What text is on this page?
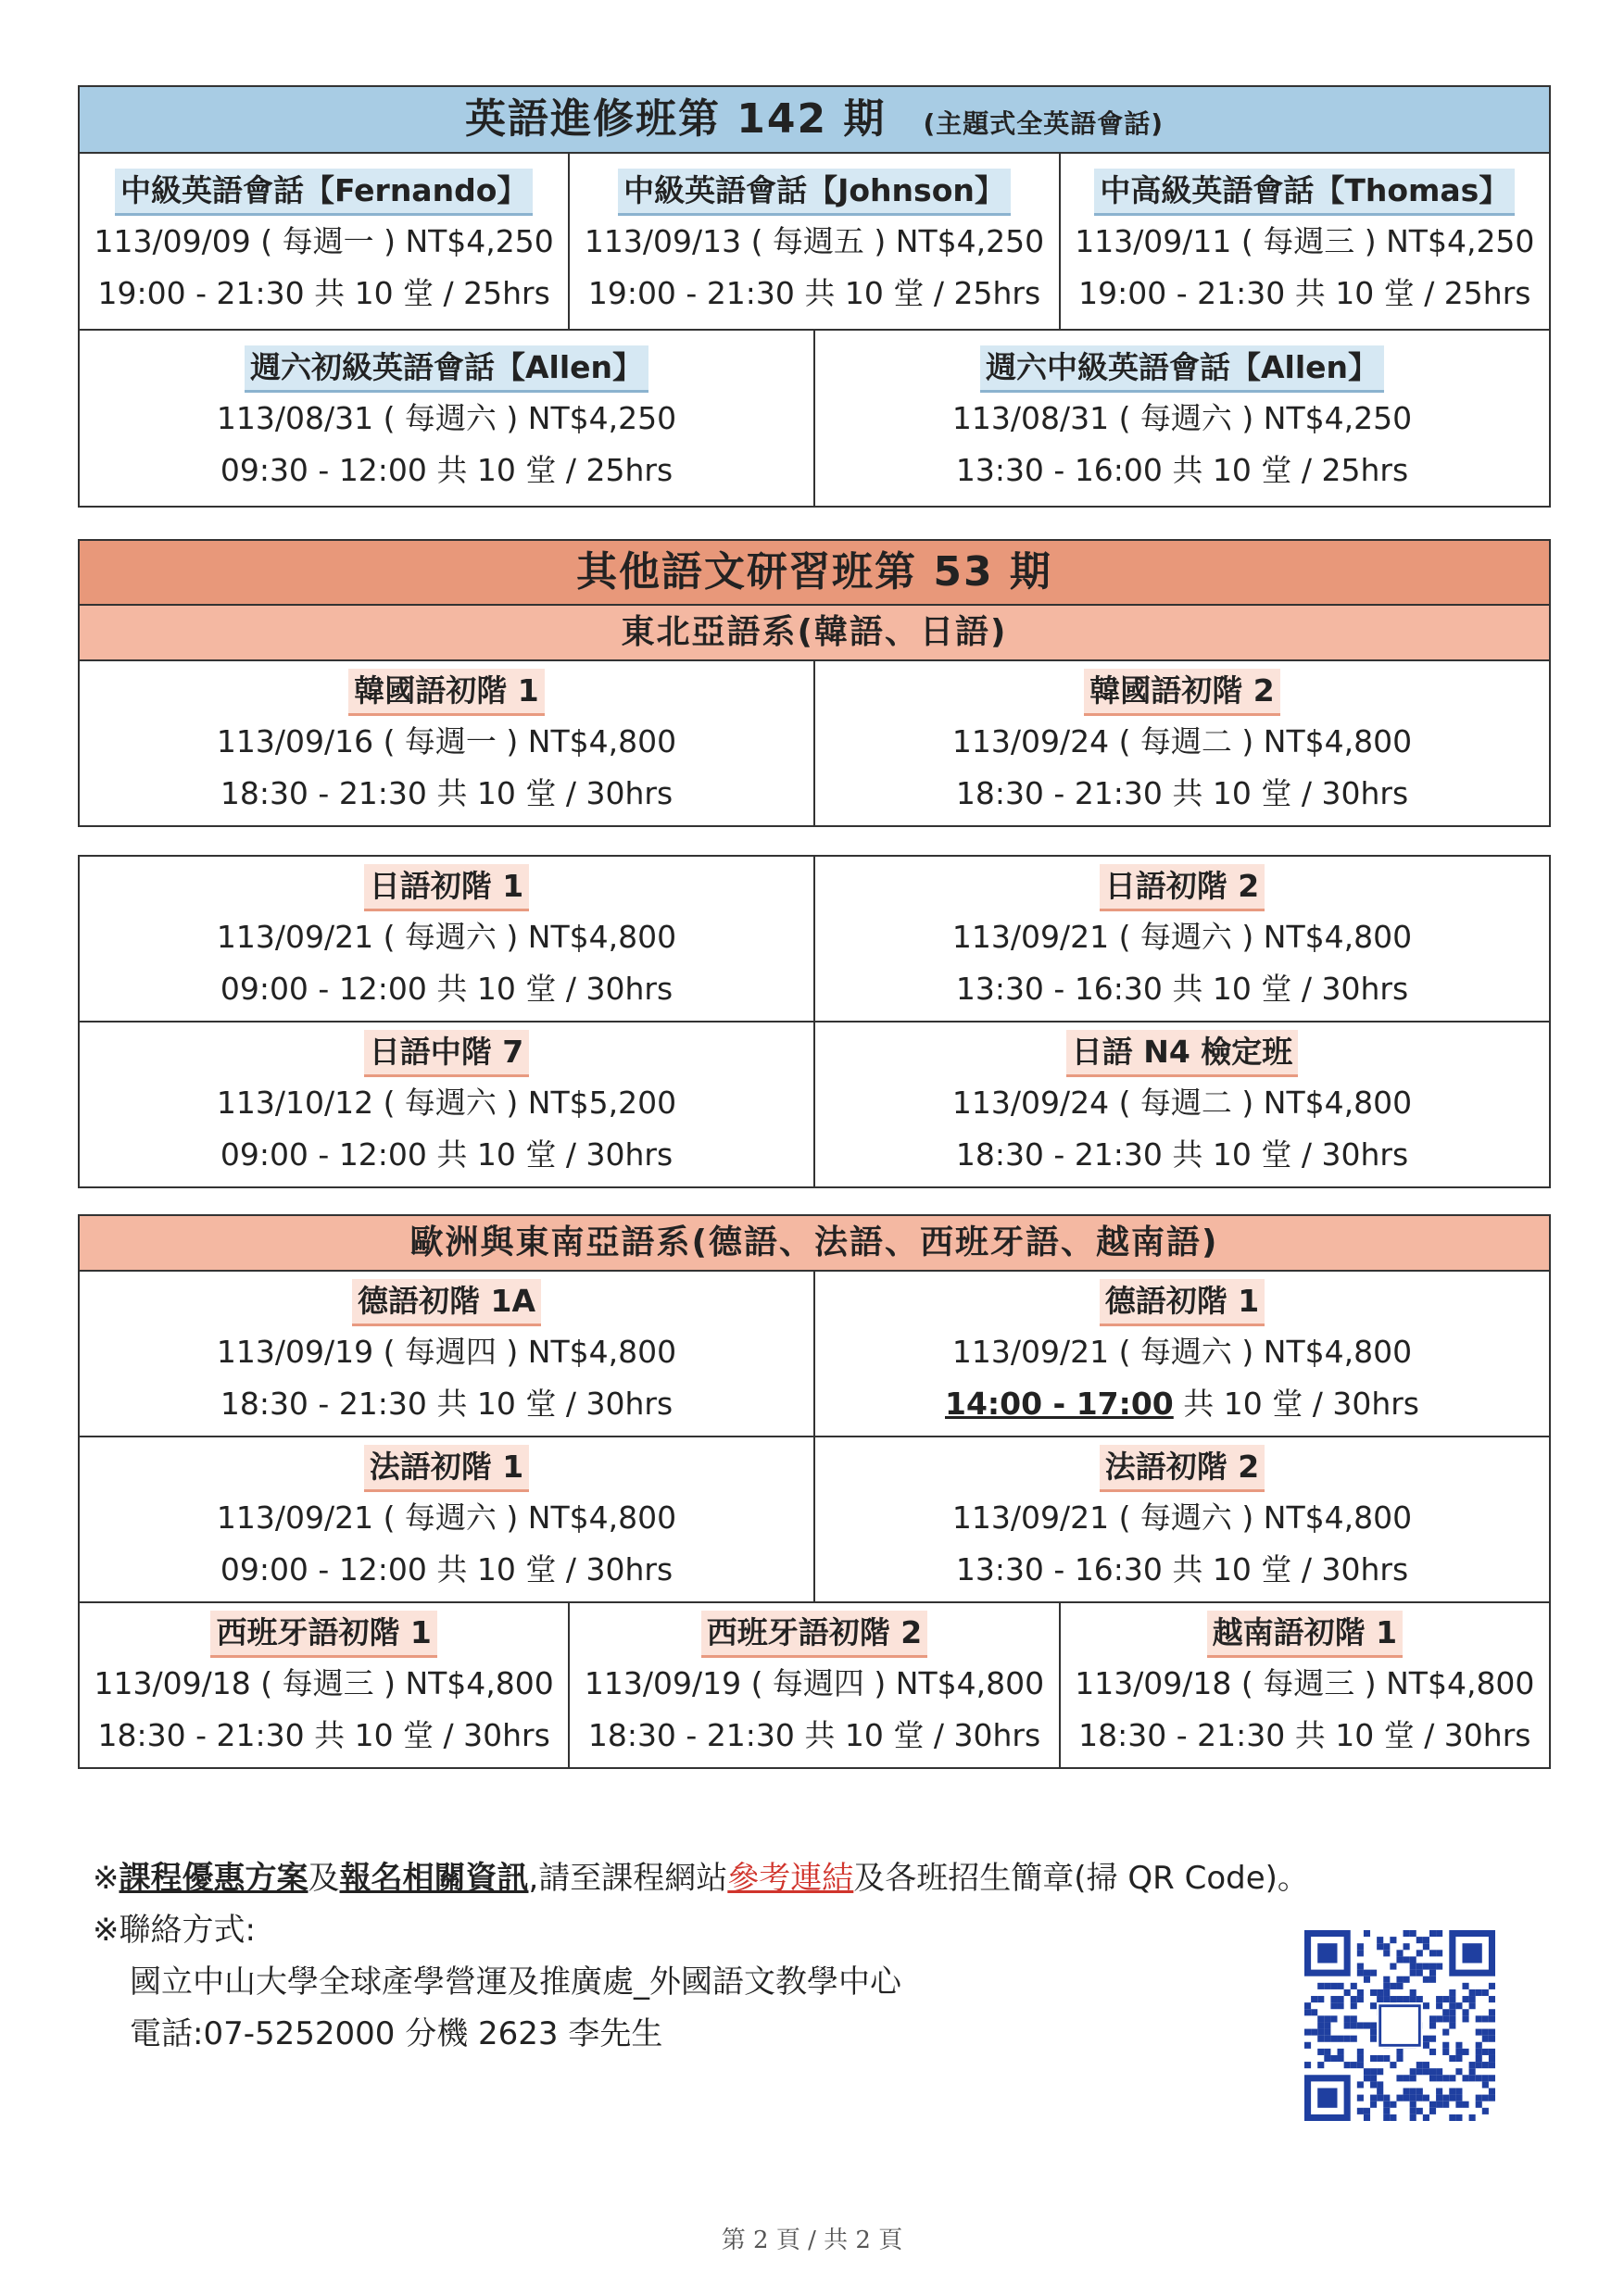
英語進修班第 142 期 (主題式全英語會話)
中級英語會話【Fernando】
113/09/09 ( 每週一 ) NT$4,250
19:00 - 21:30 共 10 堂 / 25hrs
中級英語會話【Johnson】
113/09/13 ( 每週五 ) NT$4,250
19:00 - 21:30 共 10 堂 / 25hrs
中高級英語會話【Thomas】
113/09/11 ( 每週三 ) NT$4,250
19:00 - 21:30 共 10 堂 / 25hrs
週六初級英語會話【Allen】
113/08/31 ( 每週六 ) NT$4,250
09:30 - 12:00 共 10 堂 / 25hrs
週六中級英語會話【Allen】
113/08/31 ( 每週六 ) NT$4,250
13:30 - 16:00 共 10 堂 / 25hrs
其他語文研習班第 53 期
東北亞語系(韓語、日語)
韓國語初階 1
113/09/16 ( 每週一 ) NT$4,800
18:30 - 21:30 共 10 堂 / 30hrs
韓國語初階 2
113/09/24 ( 每週二 ) NT$4,800
18:30 - 21:30 共 10 堂 / 30hrs
日語初階 1
113/09/21 ( 每週六 ) NT$4,800
09:00 - 12:00 共 10 堂 / 30hrs
日語初階 2
113/09/21 ( 每週六 ) NT$4,800
13:30 - 16:30 共 10 堂 / 30hrs
日語中階 7
113/10/12 ( 每週六 ) NT$5,200
09:00 - 12:00 共 10 堂 / 30hrs
日語 N4 檢定班
113/09/24 ( 每週二 ) NT$4,800
18:30 - 21:30 共 10 堂 / 30hrs
歐洲與東南亞語系(德語、法語、西班牙語、越南語)
德語初階 1A
113/09/19 ( 每週四 ) NT$4,800
18:30 - 21:30 共 10 堂 / 30hrs
德語初階 1
113/09/21 ( 每週六 ) NT$4,800
14:00 - 17:00 共 10 堂 / 30hrs
法語初階 1
113/09/21 ( 每週六 ) NT$4,800
09:00 - 12:00 共 10 堂 / 30hrs
法語初階 2
113/09/21 ( 每週六 ) NT$4,800
13:30 - 16:30 共 10 堂 / 30hrs
西班牙語初階 1
113/09/18 ( 每週三 ) NT$4,800
18:30 - 21:30 共 10 堂 / 30hrs
西班牙語初階 2
113/09/19 ( 每週四 ) NT$4,800
18:30 - 21:30 共 10 堂 / 30hrs
越南語初階 1
113/09/18 ( 每週三 ) NT$4,800
18:30 - 21:30 共 10 堂 / 30hrs
※課程優惠方案及報名相關資訊,請至課程網站參考連結及各班招生簡章(掃 QR Code)。
※聯絡方式:
國立中山大學全球產學營運及推廣處_外國語文教學中心
電話:07-5252000 分機 2623 李先生
第 2 頁 / 共 2 頁
